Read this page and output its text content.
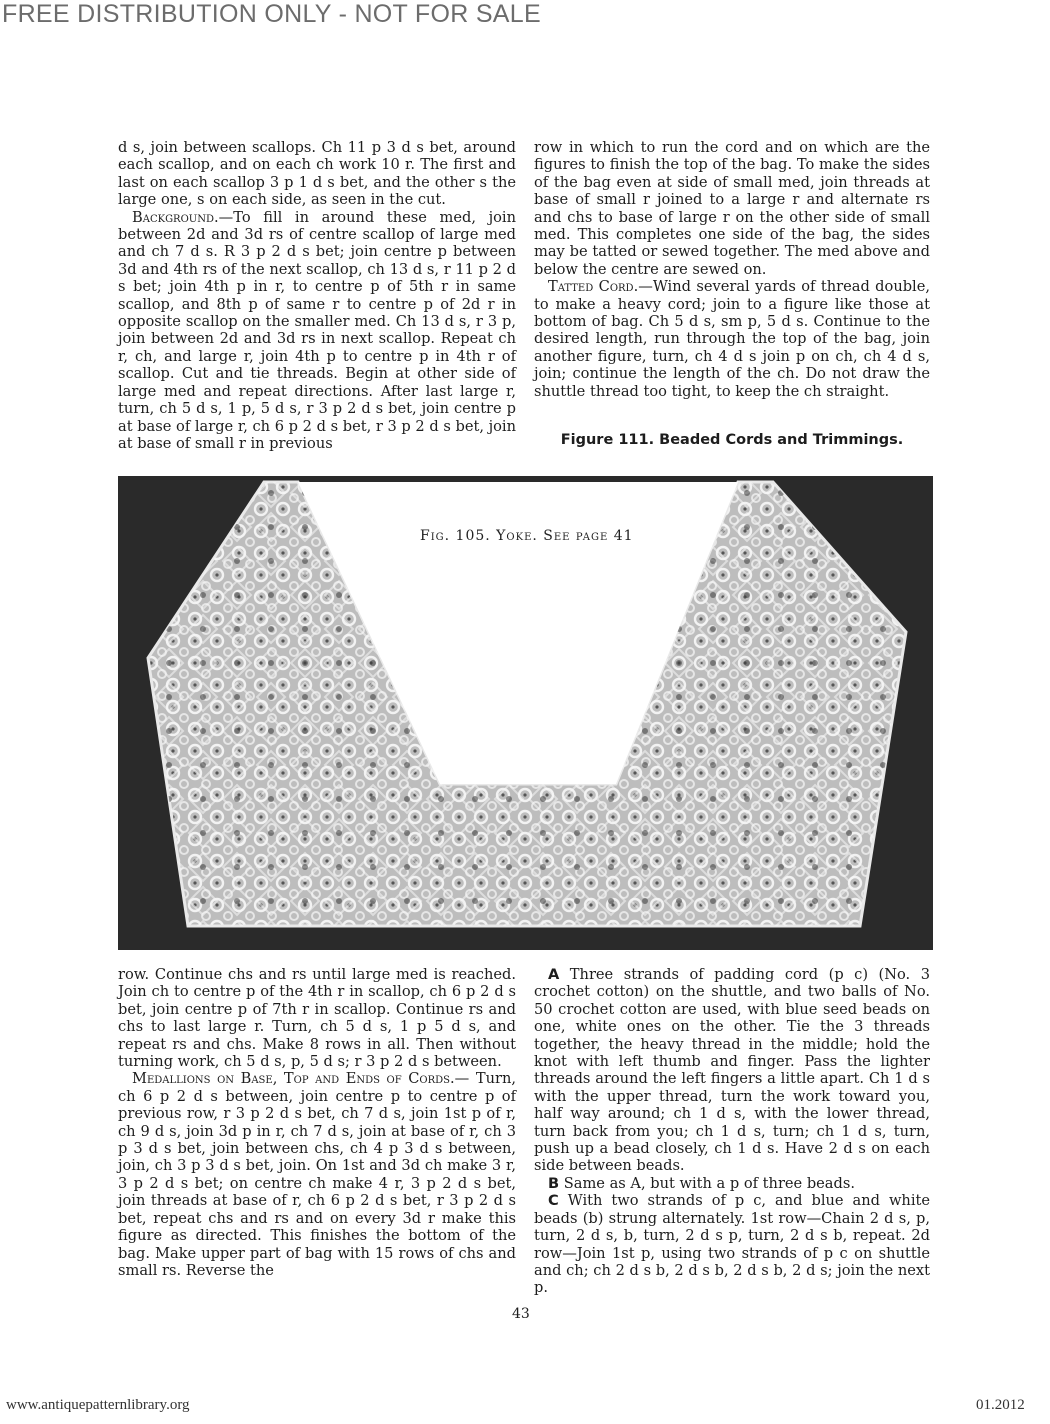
FREE DISTRIBUTION ONLY - NOT FOR SALE

d s, join between scallops. Ch 11 p 3 d s bet, around each scallop, and on each ch work 10 r. The first and last on each scallop 3 p 1 d s bet, and the other s the large one, s on each side, as seen in the cut.

Background.—To fill in around these med, join between 2d and 3d rs of centre scallop of large med and ch 7 d s. R 3 p 2 d s bet; join centre p between 3d and 4th rs of the next scallop, ch 13 d s, r 11 p 2 d s bet; join 4th p in r, to centre p of 5th r in same scallop, and 8th p of same r to centre p of 2d r in opposite scallop on the smaller med. Ch 13 d s, r 3 p, join between 2d and 3d rs in next scallop. Repeat ch r, ch, and large r, join 4th p to centre p in 4th r of scallop. Cut and tie threads. Begin at other side of large med and repeat directions. After last large r, turn, ch 5 d s, 1 p, 5 d s, r 3 p 2 d s bet, join centre p at base of large r, ch 6 p 2 d s bet, r 3 p 2 d s bet, join at base of small r in previous

row in which to run the cord and on which are the figures to finish the top of the bag. To make the sides of the bag even at side of small med, join threads at base of small r joined to a large r and alternate rs and chs to base of large r on the other side of small med. This completes one side of the bag, the sides may be tatted or sewed together. The med above and below the centre are sewed on.

Tatted Cord.—Wind several yards of thread double, to make a heavy cord; join to a figure like those at bottom of bag. Ch 5 d s, sm p, 5 d s. Continue to the desired length, run through the top of the bag, join another figure, turn, ch 4 d s join p on ch, ch 4 d s, join; continue the length of the ch. Do not draw the shuttle thread too tight, to keep the ch straight.

Figure 111. Beaded Cords and Trimmings.
Fig. 105. Yoke. See page 41

row. Continue chs and rs until large med is reached. Join ch to centre p of the 4th r in scallop, ch 6 p 2 d s bet, join centre p of 7th r in scallop. Continue rs and chs to last large r. Turn, ch 5 d s, 1 p 5 d s, and repeat rs and chs. Make 8 rows in all. Then without turning work, ch 5 d s, p, 5 d s; r 3 p 2 d s between.

Medallions on Base, Top and Ends of Cords.— Turn, ch 6 p 2 d s between, join centre p to centre p of previous row, r 3 p 2 d s bet, ch 7 d s, join 1st p of r, ch 9 d s, join 3d p in r, ch 7 d s, join at base of r, ch 3 p 3 d s bet, join between chs, ch 4 p 3 d s between, join, ch 3 p 3 d s bet, join. On 1st and 3d ch make 3 r, 3 p 2 d s bet; on centre ch make 4 r, 3 p 2 d s bet, join threads at base of r, ch 6 p 2 d s bet, r 3 p 2 d s bet, repeat chs and rs and on every 3d r make this figure as directed. This finishes the bottom of the bag. Make upper part of bag with 15 rows of chs and small rs. Reverse the

A Three strands of padding cord (p c) (No. 3 crochet cotton) on the shuttle, and two balls of No. 50 crochet cotton are used, with blue seed beads on one, white ones on the other. Tie the 3 threads together, the heavy thread in the middle; hold the knot with left thumb and finger. Pass the lighter threads around the left fingers a little apart. Ch 1 d s with the upper thread, turn the work toward you, half way around; ch 1 d s, with the lower thread, turn back from you; ch 1 d s, turn; ch 1 d s, turn, push up a bead closely, ch 1 d s. Have 2 d s on each side between beads.

B Same as A, but with a p of three beads.

C With two strands of p c, and blue and white beads (b) strung alternately. 1st row—Chain 2 d s, p, turn, 2 d s, b, turn, 2 d s p, turn, 2 d s b, repeat. 2d row—Join 1st p, using two strands of p c on shuttle and ch; ch 2 d s b, 2 d s b, 2 d s b, 2 d s; join the next p.

43
www.antiquepatternlibrary.org	01.2012
